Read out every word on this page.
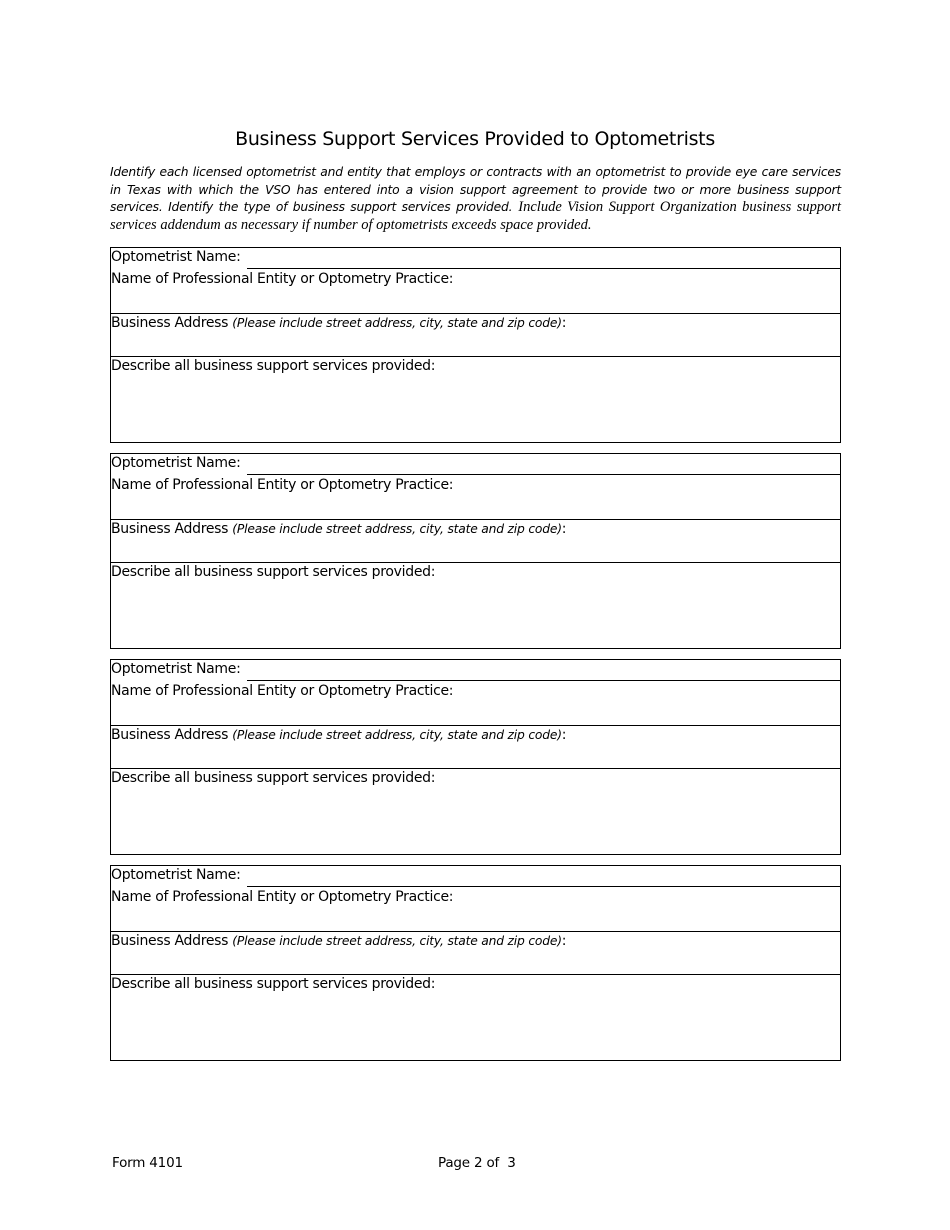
Business Support Services Provided to Optometrists
Identify each licensed optometrist and entity that employs or contracts with an optometrist to provide eye care services in Texas with which the VSO has entered into a vision support agreement to provide two or more business support services. Identify the type of business support services provided. Include Vision Support Organization business support services addendum as necessary if number of optometrists exceeds space provided.
Optometrist Name:
Name of Professional Entity or Optometry Practice:
Business Address (Please include street address, city, state and zip code):
Describe all business support services provided:
Optometrist Name:
Name of Professional Entity or Optometry Practice:
Business Address (Please include street address, city, state and zip code):
Describe all business support services provided:
Optometrist Name:
Name of Professional Entity or Optometry Practice:
Business Address (Please include street address, city, state and zip code):
Describe all business support services provided:
Optometrist Name:
Name of Professional Entity or Optometry Practice:
Business Address (Please include street address, city, state and zip code):
Describe all business support services provided:
Form 4101	Page 2 of  3
